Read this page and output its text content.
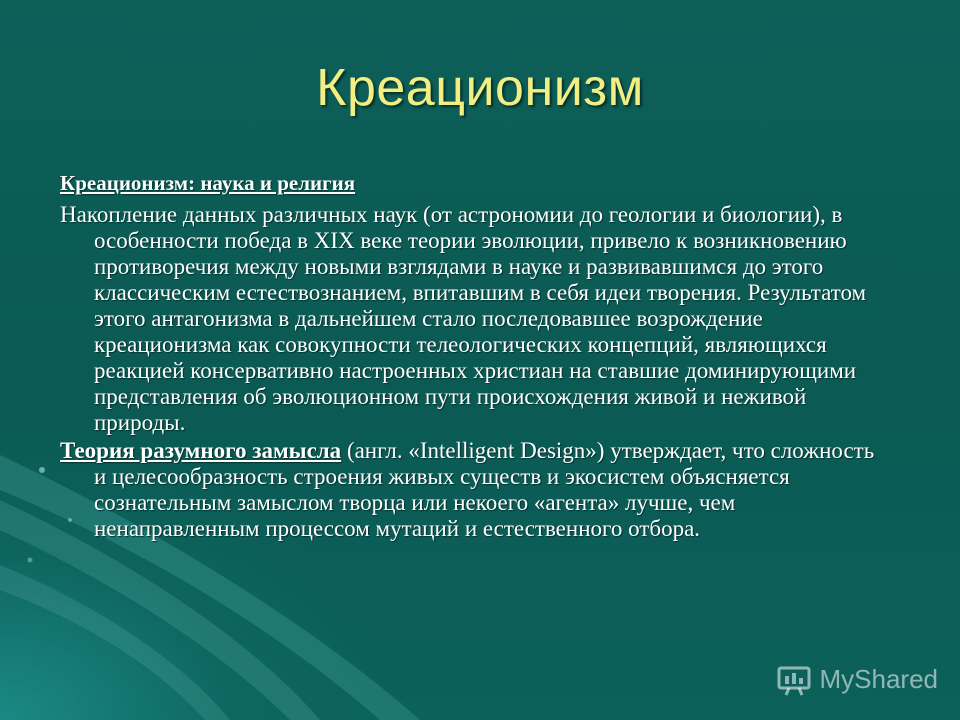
Креационизм
Креационизм: наука и религия
Накопление данных различных наук (от астрономии до геологии и биологии), в особенности победа в XIX веке теории эволюции, привело к возникновению противоречия между новыми взглядами в науке и развивавшимся до этого классическим естествознанием, впитавшим в себя идеи творения. Результатом этого антагонизма в дальнейшем стало последовавшее возрождение креационизма как совокупности телеологических концепций, являющихся реакцией консервативно настроенных христиан на ставшие доминирующими представления об эволюционном пути происхождения живой и неживой природы.
Теория разумного замысла (англ. «Intelligent Design») утверждает, что сложность и целесообразность строения живых существ и экосистем объясняется сознательным замыслом творца или некоего «агента» лучше, чем ненаправленным процессом мутаций и естественного отбора.
MyShared
